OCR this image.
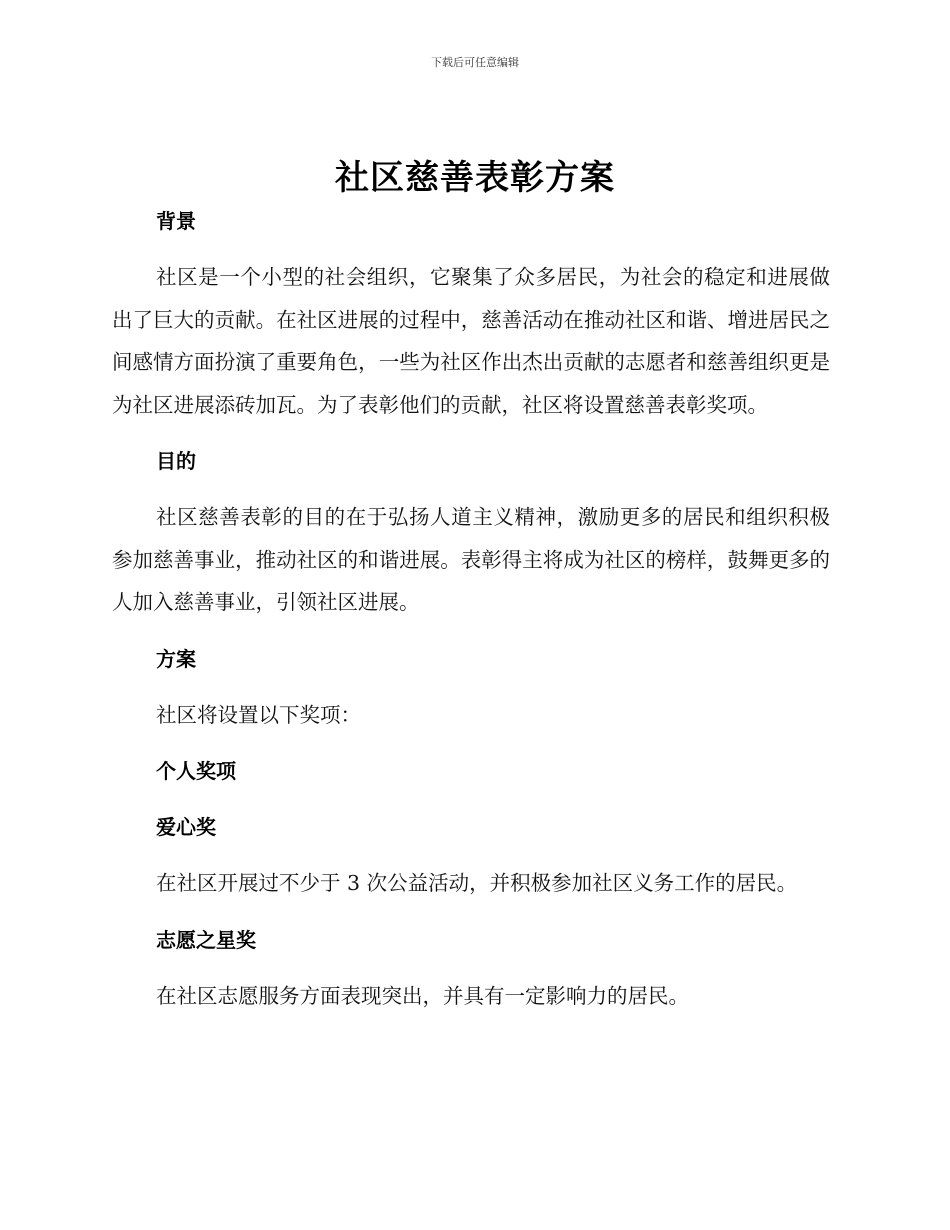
下载后可任意编辑
社区慈善表彰方案
背景
社区是一个小型的社会组织，它聚集了众多居民，为社会的稳定和进展做出了巨大的贡献。在社区进展的过程中，慈善活动在推动社区和谐、增进居民之间感情方面扮演了重要角色，一些为社区作出杰出贡献的志愿者和慈善组织更是为社区进展添砖加瓦。为了表彰他们的贡献，社区将设置慈善表彰奖项。
目的
社区慈善表彰的目的在于弘扬人道主义精神，激励更多的居民和组织积极参加慈善事业，推动社区的和谐进展。表彰得主将成为社区的榜样，鼓舞更多的人加入慈善事业，引领社区进展。
方案
社区将设置以下奖项：
个人奖项
爱心奖
在社区开展过不少于 3 次公益活动，并积极参加社区义务工作的居民。
志愿之星奖
在社区志愿服务方面表现突出，并具有一定影响力的居民。
